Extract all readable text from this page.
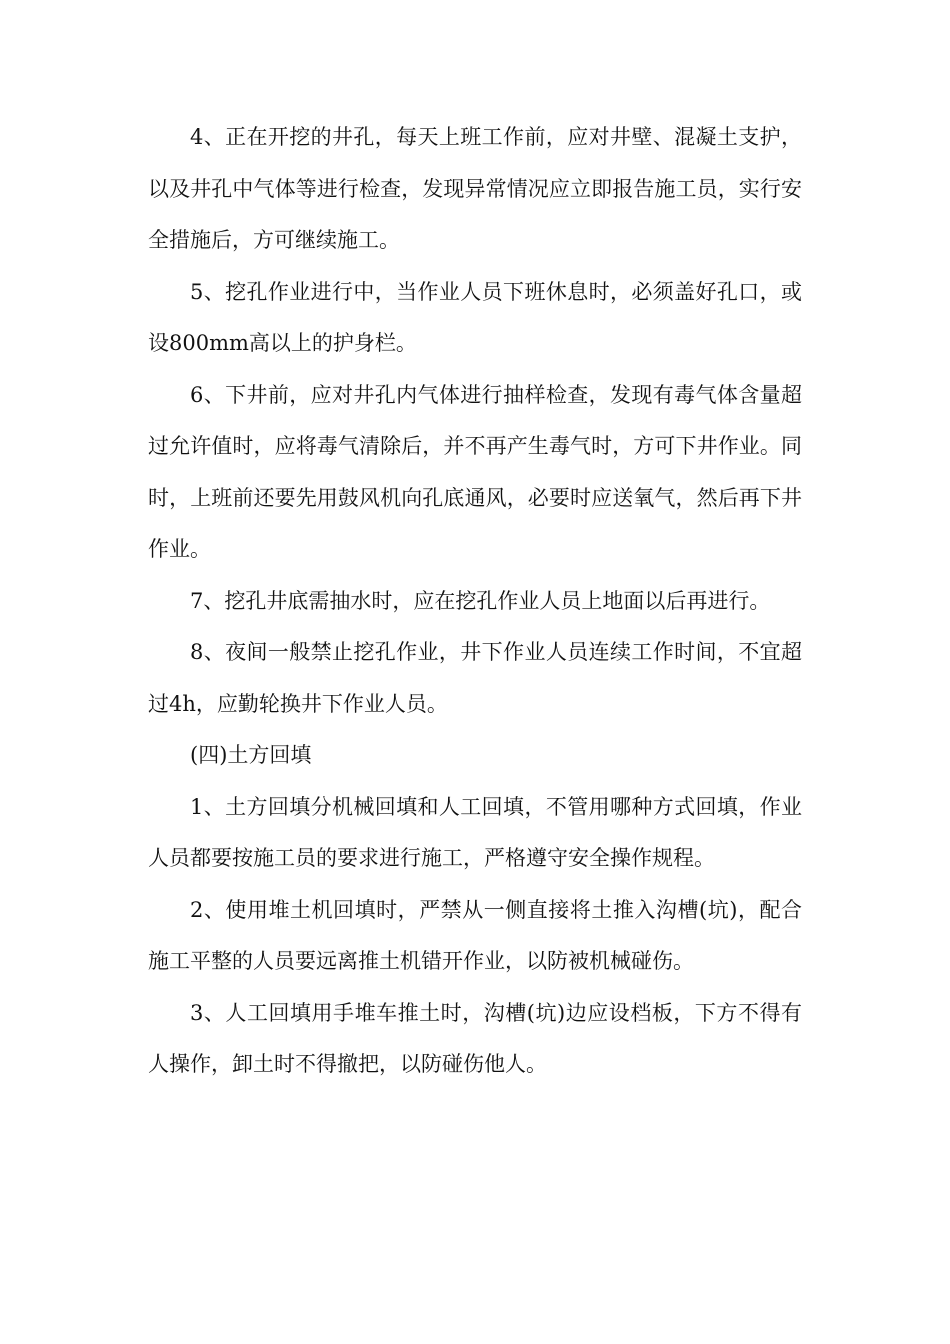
4、正在开挖的井孔，每天上班工作前，应对井壁、混凝土支护，以及井孔中气体等进行检查，发现异常情况应立即报告施工员，实行安全措施后，方可继续施工。

5、挖孔作业进行中，当作业人员下班休息时，必须盖好孔口，或设800mm高以上的护身栏。

6、下井前，应对井孔内气体进行抽样检查，发现有毒气体含量超过允许值时，应将毒气清除后，并不再产生毒气时，方可下井作业。同时，上班前还要先用鼓风机向孔底通风，必要时应送氧气，然后再下井作业。

7、挖孔井底需抽水时，应在挖孔作业人员上地面以后再进行。

8、夜间一般禁止挖孔作业，井下作业人员连续工作时间，不宜超过4h，应勤轮换井下作业人员。

(四)土方回填

1、土方回填分机械回填和人工回填，不管用哪种方式回填，作业人员都要按施工员的要求进行施工，严格遵守安全操作规程。

2、使用堆土机回填时，严禁从一侧直接将土推入沟槽(坑)，配合施工平整的人员要远离推土机错开作业，以防被机械碰伤。

3、人工回填用手堆车推土时，沟槽(坑)边应设档板，下方不得有人操作，卸土时不得撤把，以防碰伤他人。
